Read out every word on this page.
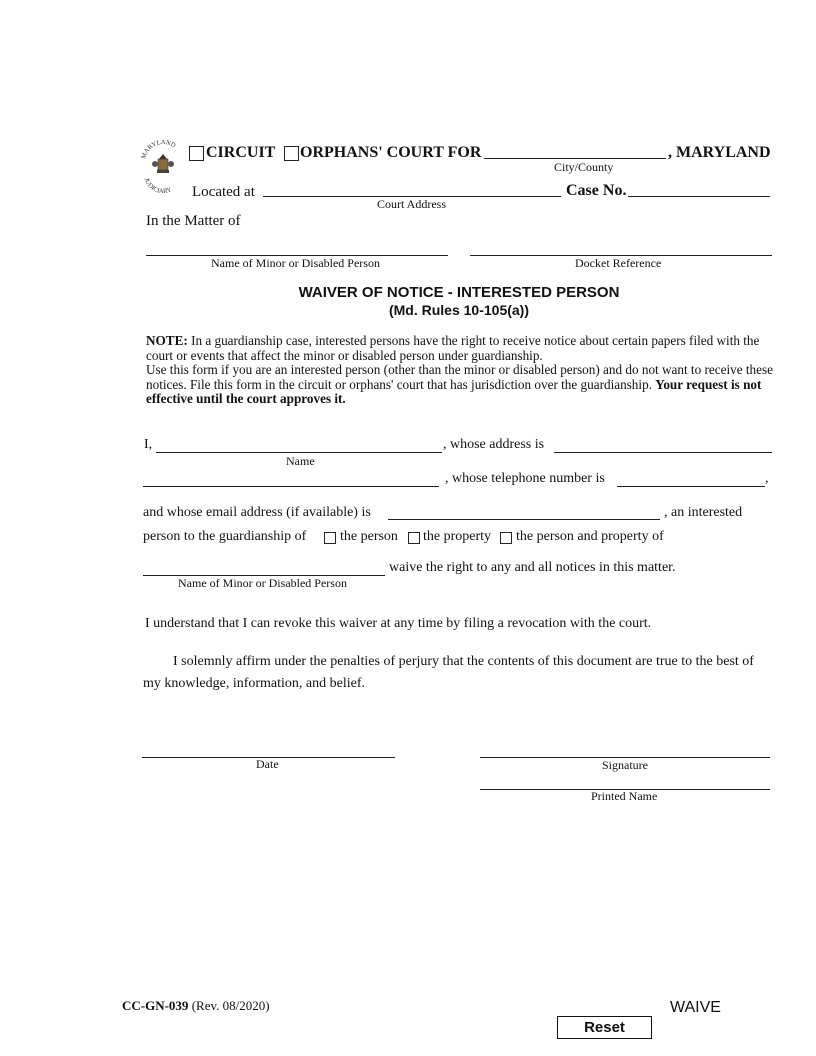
MARYLAND
JUDICIARY
CIRCUIT ORPHANS' COURT FOR	, MARYLAND
City/County
Located at
Court Address
Case No.
In the Matter of
Name of Minor or Disabled Person	Docket Reference
WAIVER OF NOTICE - INTERESTED PERSON
(Md. Rules 10-105(a))
NOTE: In a guardianship case, interested persons have the right to receive notice about certain papers filed with the court or events that affect the minor or disabled person under guardianship.
Use this form if you are an interested person (other than the minor or disabled person) and do not want to receive these notices. File this form in the circuit or orphans' court that has jurisdiction over the guardianship. Your request is not effective until the court approves it.
I,	, whose address is
Name
, whose telephone number is	,
and whose email address (if available) is	, an interested
person to the guardianship of the person the property the person and property of
waive the right to any and all notices in this matter.
Name of Minor or Disabled Person
I understand that I can revoke this waiver at any time by filing a revocation with the court.
I solemnly affirm under the penalties of perjury that the contents of this document are true to the best of my knowledge, information, and belief.
Date	Signature
Printed Name
CC-GN-039 (Rev. 08/2020)	WAIVE
Reset
